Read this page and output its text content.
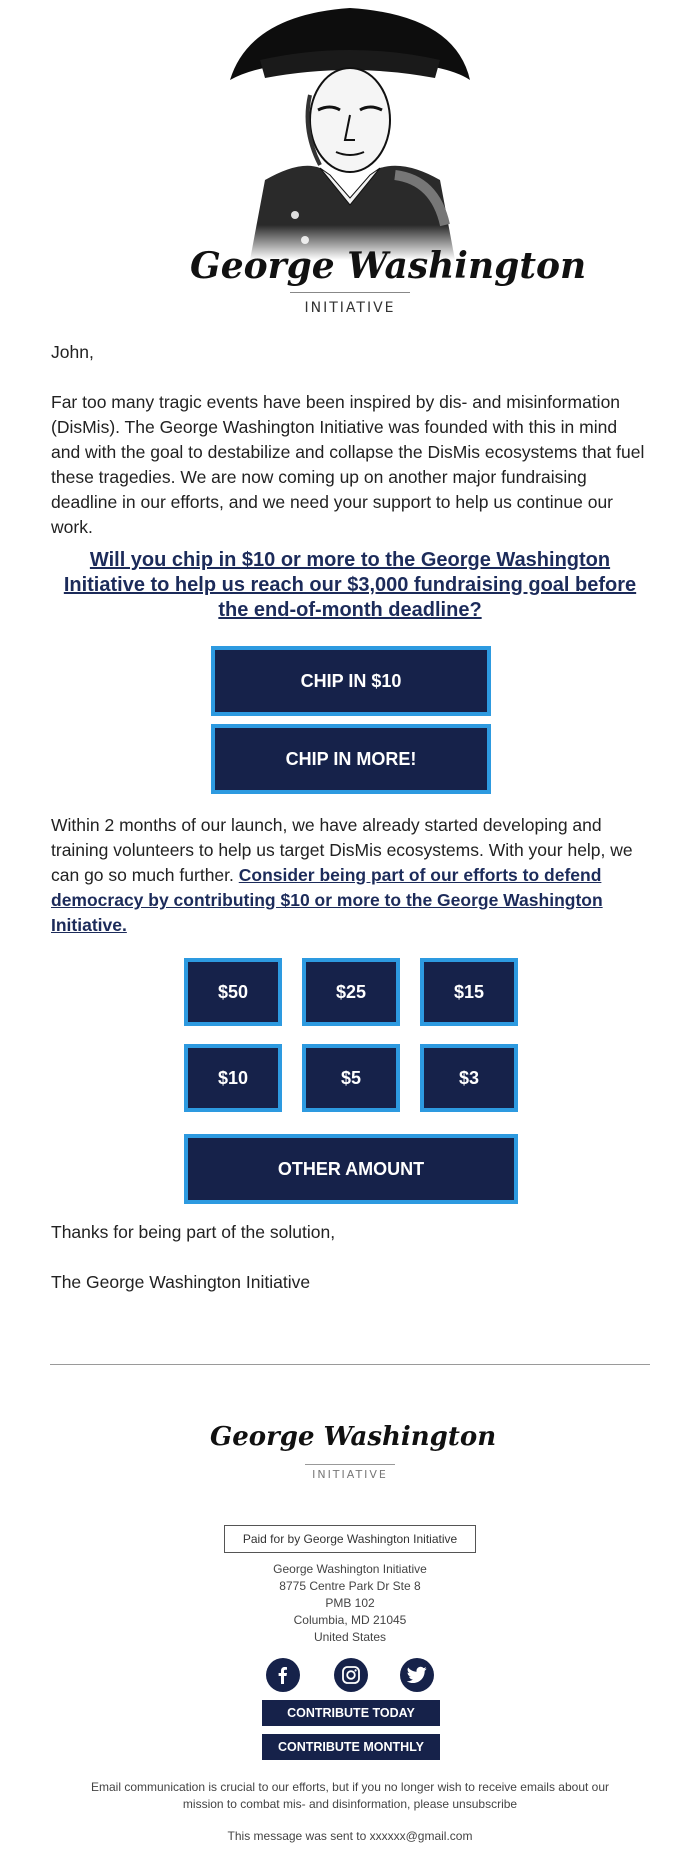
George Washington
INITIATIVE
John,
Far too many tragic events have been inspired by dis- and misinformation (DisMis). The George Washington Initiative was founded with this in mind and with the goal to destabilize and collapse the DisMis ecosystems that fuel these tragedies. We are now coming up on another major fundraising deadline in our efforts, and we need your support to help us continue our work.
Will you chip in $10 or more to the George Washington Initiative to help us reach our $3,000 fundraising goal before the end-of-month deadline?
CHIP IN $10
CHIP IN MORE!
Within 2 months of our launch, we have already started developing and training volunteers to help us target DisMis ecosystems. With your help, we can go so much further. Consider being part of our efforts to defend democracy by contributing $10 or more to the George Washington Initiative.
$50	$25	$15
$10	$5	$3
OTHER AMOUNT
Thanks for being part of the solution,
The George Washington Initiative
George Washington
INITIATIVE
Paid for by George Washington Initiative
George Washington Initiative
8775 Centre Park Dr Ste 8
PMB 102
Columbia, MD 21045
United States
CONTRIBUTE TODAY
CONTRIBUTE MONTHLY
Email communication is crucial to our efforts, but if you no longer wish to receive emails about our mission to combat mis- and disinformation, please unsubscribe
This message was sent to xxxxxx@gmail.com
